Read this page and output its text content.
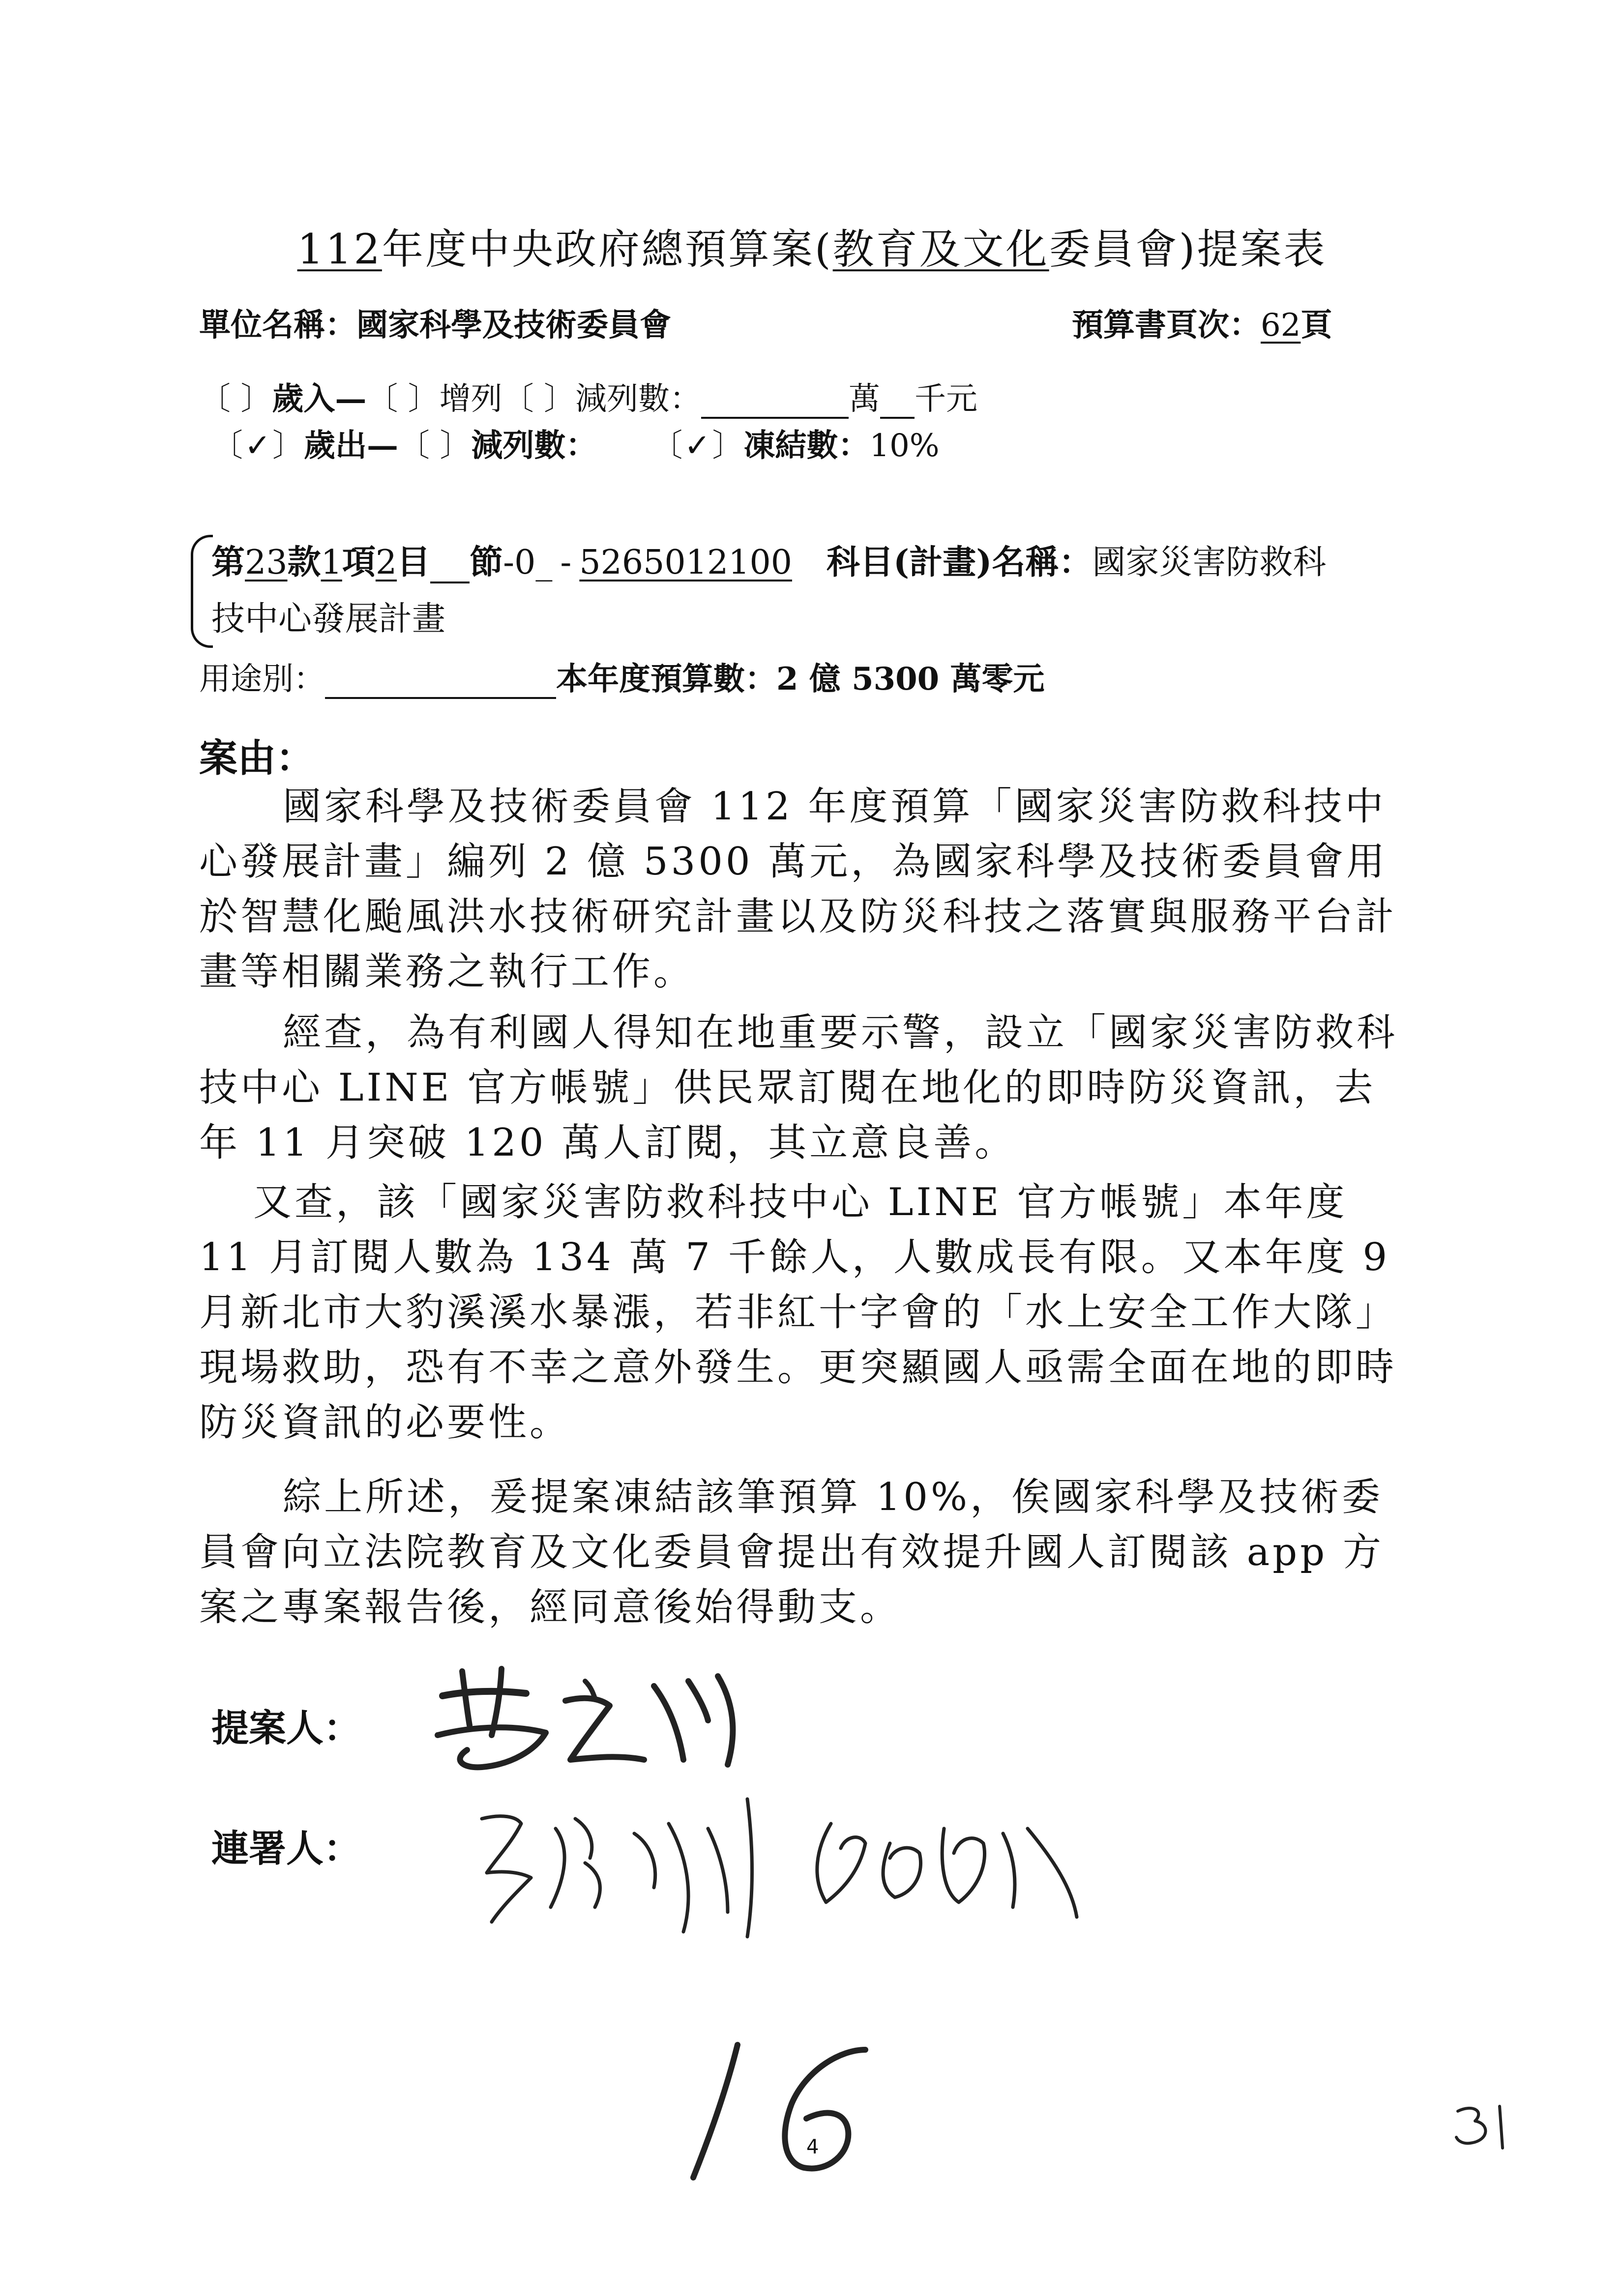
112年度中央政府總預算案(教育及文化委員會)提案表
單位名稱：國家科學及技術委員會	預算書頁次：62頁
〔 〕歲入—〔 〕增列〔 〕減列數：	萬 千元
〔✓〕歲出—〔 〕減列數： 〔✓〕凍結數：10%
第23款1項2目 節-0_ - 5265012100 科目(計畫)名稱：國家災害防救科
技中心發展計畫
用途別：	本年度預算數：2 億 5300 萬零元
案由：
國家科學及技術委員會 112 年度預算「國家災害防救科技中心發展計畫」編列 2 億 5300 萬元，為國家科學及技術委員會用於智慧化颱風洪水技術研究計畫以及防災科技之落實與服務平台計畫等相關業務之執行工作。
經查，為有利國人得知在地重要示警，設立「國家災害防救科技中心 LINE 官方帳號」供民眾訂閱在地化的即時防災資訊，去年 11 月突破 120 萬人訂閱，其立意良善。
又查，該「國家災害防救科技中心 LINE 官方帳號」本年度 11 月訂閱人數為 134 萬 7 千餘人，人數成長有限。又本年度 9 月新北市大豹溪溪水暴漲，若非紅十字會的「水上安全工作大隊」現場救助，恐有不幸之意外發生。更突顯國人亟需全面在地的即時防災資訊的必要性。
綜上所述，爰提案凍結該筆預算 10%，俟國家科學及技術委員會向立法院教育及文化委員會提出有效提升國人訂閱該 app 方案之專案報告後，經同意後始得動支。
提案人：
連署人：
4
